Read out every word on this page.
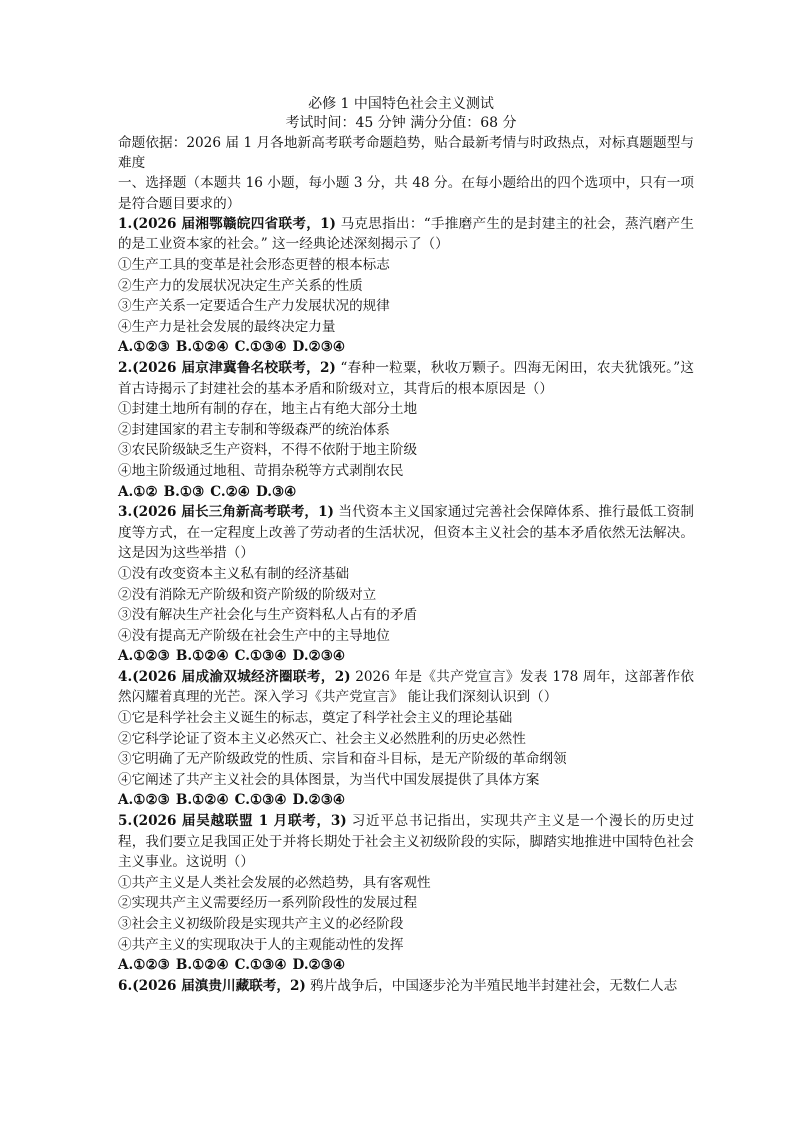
必修 1 中国特色社会主义测试
考试时间：45 分钟 满分分值：68 分
命题依据：2026 届 1 月各地新高考联考命题趋势，贴合最新考情与时政热点，对标真题题型与难度
一、选择题（本题共 16 小题，每小题 3 分，共 48 分。在每小题给出的四个选项中，只有一项是符合题目要求的）
1.(2026 届湘鄂赣皖四省联考，1) 马克思指出：“手推磨产生的是封建主的社会，蒸汽磨产生的是工业资本家的社会。” 这一经典论述深刻揭示了（）
①生产工具的变革是社会形态更替的根本标志
②生产力的发展状况决定生产关系的性质
③生产关系一定要适合生产力发展状况的规律
④生产力是社会发展的最终决定力量
A.①②③ B.①②④ C.①③④ D.②③④
2.(2026 届京津冀鲁名校联考，2) “春种一粒粟，秋收万颗子。四海无闲田，农夫犹饿死。”这首古诗揭示了封建社会的基本矛盾和阶级对立，其背后的根本原因是（）
①封建土地所有制的存在，地主占有绝大部分土地
②封建国家的君主专制和等级森严的统治体系
③农民阶级缺乏生产资料，不得不依附于地主阶级
④地主阶级通过地租、苛捐杂税等方式剥削农民
A.①② B.①③ C.②④ D.③④
3.(2026 届长三角新高考联考，1) 当代资本主义国家通过完善社会保障体系、推行最低工资制度等方式，在一定程度上改善了劳动者的生活状况，但资本主义社会的基本矛盾依然无法解决。这是因为这些举措（）
①没有改变资本主义私有制的经济基础
②没有消除无产阶级和资产阶级的阶级对立
③没有解决生产社会化与生产资料私人占有的矛盾
④没有提高无产阶级在社会生产中的主导地位
A.①②③ B.①②④ C.①③④ D.②③④
4.(2026 届成渝双城经济圈联考，2) 2026 年是《共产党宣言》发表 178 周年，这部著作依然闪耀着真理的光芒。深入学习《共产党宣言》 能让我们深刻认识到（）
①它是科学社会主义诞生的标志，奠定了科学社会主义的理论基础
②它科学论证了资本主义必然灭亡、社会主义必然胜利的历史必然性
③它明确了无产阶级政党的性质、宗旨和奋斗目标，是无产阶级的革命纲领
④它阐述了共产主义社会的具体图景，为当代中国发展提供了具体方案
A.①②③ B.①②④ C.①③④ D.②③④
5.(2026 届吴越联盟 1 月联考，3) 习近平总书记指出，实现共产主义是一个漫长的历史过程，我们要立足我国正处于并将长期处于社会主义初级阶段的实际，脚踏实地推进中国特色社会主义事业。这说明（）
①共产主义是人类社会发展的必然趋势，具有客观性
②实现共产主义需要经历一系列阶段性的发展过程
③社会主义初级阶段是实现共产主义的必经阶段
④共产主义的实现取决于人的主观能动性的发挥
A.①②③ B.①②④ C.①③④ D.②③④
6.(2026 届滇贵川藏联考，2) 鸦片战争后，中国逐步沦为半殖民地半封建社会，无数仁人志
